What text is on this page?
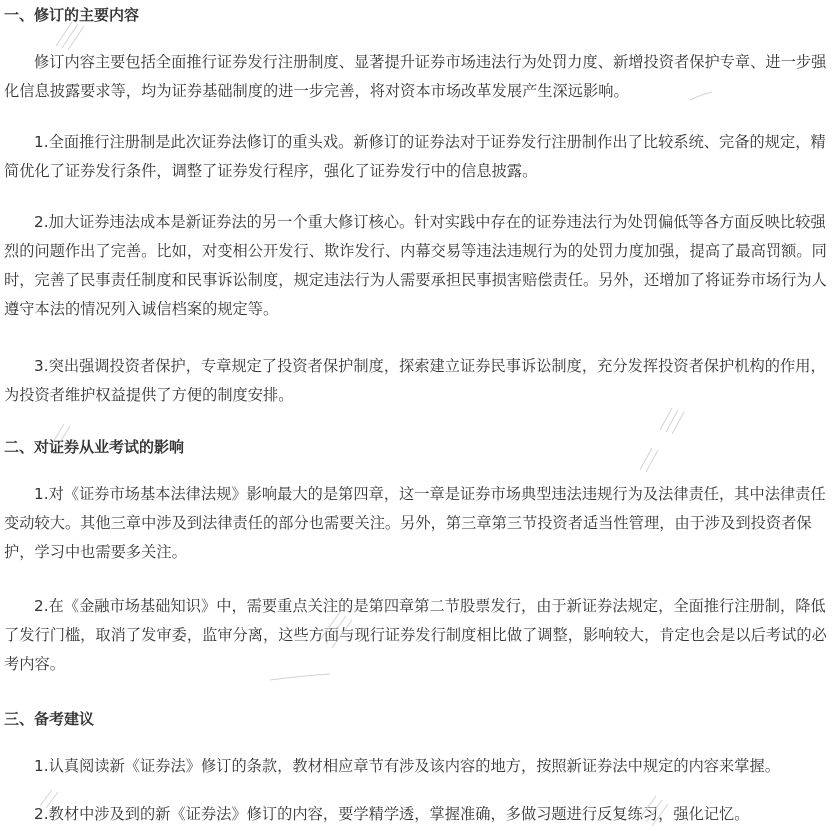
一、修订的主要内容

修订内容主要包括全面推行证券发行注册制度、显著提升证券市场违法行为处罚力度、新增投资者保护专章、进一步强化信息披露要求等，均为证券基础制度的进一步完善，将对资本市场改革发展产生深远影响。

1.全面推行注册制是此次证券法修订的重头戏。新修订的证券法对于证券发行注册制作出了比较系统、完备的规定，精简优化了证券发行条件，调整了证券发行程序，强化了证券发行中的信息披露。

2.加大证券违法成本是新证券法的另一个重大修订核心。针对实践中存在的证券违法行为处罚偏低等各方面反映比较强烈的问题作出了完善。比如，对变相公开发行、欺诈发行、内幕交易等违法违规行为的处罚力度加强，提高了最高罚额。同时，完善了民事责任制度和民事诉讼制度，规定违法行为人需要承担民事损害赔偿责任。另外，还增加了将证券市场行为人遵守本法的情况列入诚信档案的规定等。

3.突出强调投资者保护，专章规定了投资者保护制度，探索建立证券民事诉讼制度，充分发挥投资者保护机构的作用，为投资者维护权益提供了方便的制度安排。

二、对证券从业考试的影响

1.对《证券市场基本法律法规》影响最大的是第四章，这一章是证券市场典型违法违规行为及法律责任，其中法律责任变动较大。其他三章中涉及到法律责任的部分也需要关注。另外，第三章第三节投资者适当性管理，由于涉及到投资者保护，学习中也需要多关注。

2.在《金融市场基础知识》中，需要重点关注的是第四章第二节股票发行，由于新证券法规定，全面推行注册制，降低了发行门槛，取消了发审委，监审分离，这些方面与现行证券发行制度相比做了调整，影响较大，肯定也会是以后考试的必考内容。

三、备考建议

1.认真阅读新《证券法》修订的条款，教材相应章节有涉及该内容的地方，按照新证券法中规定的内容来掌握。

2.教材中涉及到的新《证券法》修订的内容，要学精学透，掌握准确，多做习题进行反复练习，强化记忆。
